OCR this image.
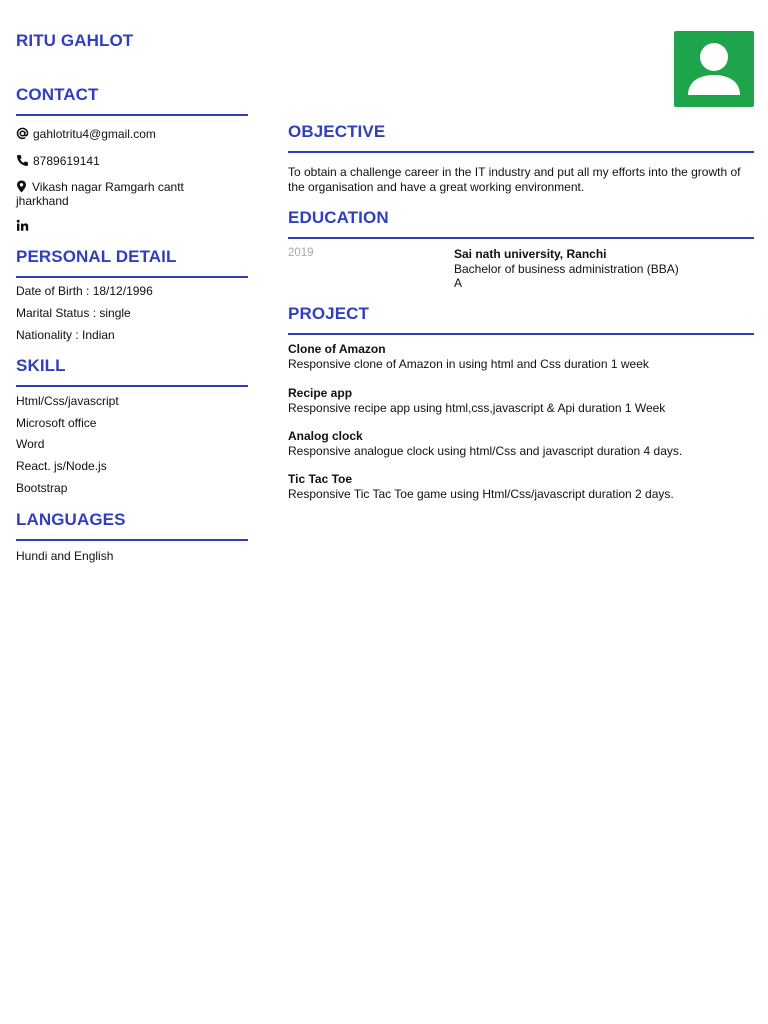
RITU GAHLOT
CONTACT
gahlotritu4@gmail.com
8789619141
Vikash nagar Ramgarh cantt
jharkhand
PERSONAL DETAIL
Date of Birth : 18/12/1996
Marital Status : single
Nationality : Indian
SKILL
Html/Css/javascript
Microsoft office
Word
React. js/Node.js
Bootstrap
LANGUAGES
Hundi and English
OBJECTIVE
To obtain a challenge career in the IT industry and put all my efforts into the growth of the organisation and have a great working environment.
EDUCATION
2019	Sai nath university, Ranchi
Bachelor of business administration (BBA)
A
PROJECT
Clone of Amazon
Responsive clone of Amazon in using html and Css duration 1 week
Recipe app
Responsive recipe app using html,css,javascript & Api duration 1 Week
Analog clock
Responsive analogue clock using html/Css and javascript duration 4 days.
Tic Tac Toe
Responsive Tic Tac Toe game using Html/Css/javascript duration 2 days.
